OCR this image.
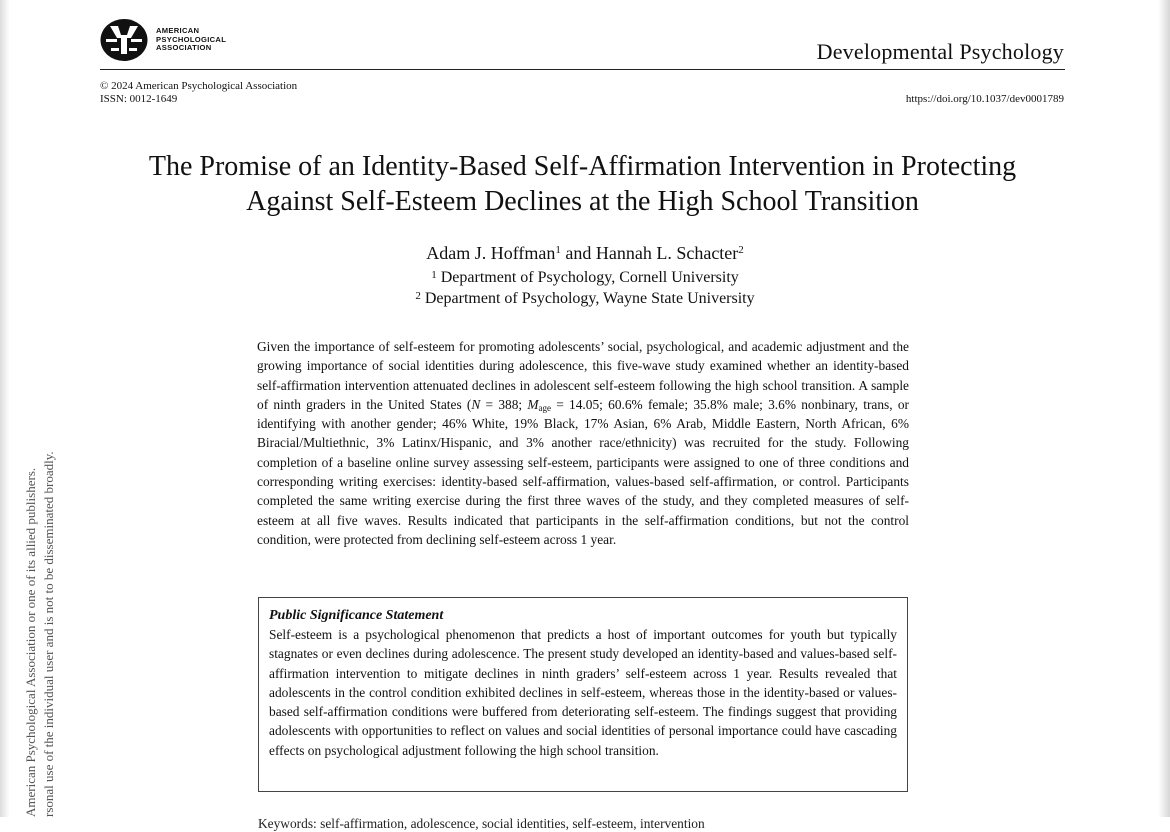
AMERICAN
PSYCHOLOGICAL
ASSOCIATION	Developmental Psychology
© 2024 American Psychological Association
ISSN: 0012-1649	https://doi.org/10.1037/dev0001789
The Promise of an Identity-Based Self-Affirmation Intervention in Protecting
Against Self-Esteem Declines at the High School Transition
Adam J. Hoffman$^1$ and Hannah L. Schacter$^2$
$^1$ Department of Psychology, Cornell University
$^2$ Department of Psychology, Wayne State University

Given the importance of self-esteem for promoting adolescents’ social, psychological, and academic adjustment and the growing importance of social identities during adolescence, this five-wave study examined whether an identity-based self-affirmation intervention attenuated declines in adolescent self-esteem following the high school transition. A sample of ninth graders in the United States (N = 388; $M_{age} = 14.05$; 60.6% female; 35.8% male; 3.6% nonbinary, trans, or identifying with another gender; 46% White, 19% Black, 17% Asian, 6% Arab, Middle Eastern, North African, 6% Biracial/Multiethnic, 3% Latinx/Hispanic, and 3% another race/ethnicity) was recruited for the study. Following completion of a baseline online survey assessing self-esteem, participants were assigned to one of three conditions and corresponding writing exercises: identity-based self-affirmation, values-based self-affirmation, or control. Participants completed the same writing exercise during the first three waves of the study, and they completed measures of self-esteem at all five waves. Results indicated that participants in the self-affirmation conditions, but not the control condition, were protected from declining self-esteem across 1 year.

Public Significance Statement

Self-esteem is a psychological phenomenon that predicts a host of important outcomes for youth but typically stagnates or even declines during adolescence. The present study developed an identity-based and values-based self-affirmation intervention to mitigate declines in ninth graders’ self-esteem across 1 year. Results revealed that adolescents in the control condition exhibited declines in self-esteem, whereas those in the identity-based or values-based self-affirmation conditions were buffered from deteriorating self-esteem. The findings suggest that providing adolescents with opportunities to reflect on values and social identities of personal importance could have cascading effects on psychological adjustment following the high school transition.

American Psychological Association or one of its allied publishers. rsonal use of the individual user and is not to be disseminated broadly.
Keywords: self-affirmation, adolescence, social identities, self-esteem, intervention
